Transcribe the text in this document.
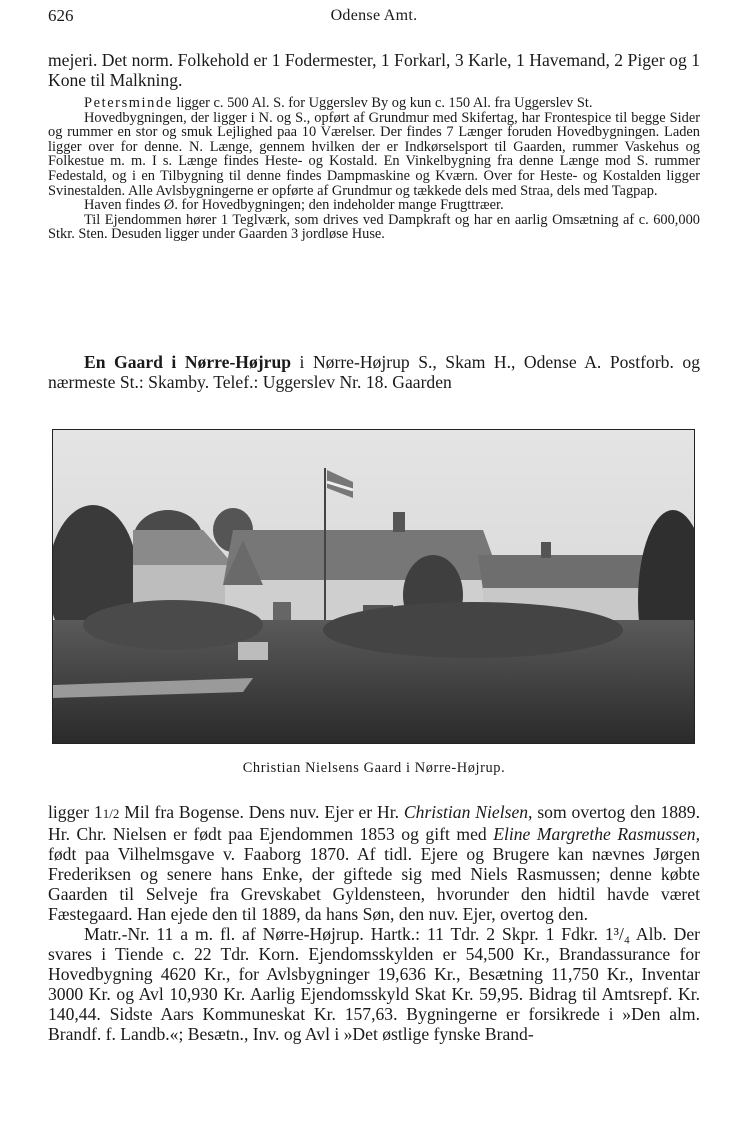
626	Odense Amt.

mejeri. Det norm. Folkehold er 1 Fodermester, 1 Forkarl, 3 Karle, 1 Havemand, 2 Piger og 1 Kone til Malkning.

Petersminde ligger c. 500 Al. S. for Uggerslev By og kun c. 150 Al. fra Uggerslev St.

Hovedbygningen, der ligger i N. og S., opført af Grundmur med Skifertag, har Frontespice til begge Sider og rummer en stor og smuk Lejlighed paa 10 Værelser. Der findes 7 Længer foruden Hovedbygningen. Laden ligger over for denne. N. Længe, gennem hvilken der er Indkørselsport til Gaarden, rummer Vaskehus og Folkestue m. m. I s. Længe findes Heste- og Kostald. En Vinkelbygning fra denne Længe mod S. rummer Fedestald, og i en Tilbygning til denne findes Dampmaskine og Kværn. Over for Heste- og Kostalden ligger Svinestalden. Alle Avlsbygningerne er opførte af Grundmur og tækkede dels med Straa, dels med Tagpap.

Haven findes Ø. for Hovedbygningen; den indeholder mange Frugttræer.

Til Ejendommen hører 1 Teglværk, som drives ved Dampkraft og har en aarlig Omsætning af c. 600,000 Stkr. Sten. Desuden ligger under Gaarden 3 jordløse Huse.

En Gaard i Nørre-Højrup i Nørre-Højrup S., Skam H., Odense A. Postforb. og nærmeste St.: Skamby. Telef.: Uggerslev Nr. 18. Gaarden

Christian Nielsens Gaard i Nørre-Højrup.

ligger 11/2 Mil fra Bogense. Dens nuv. Ejer er Hr. Christian Nielsen, som overtog den 1889. Hr. Chr. Nielsen er født paa Ejendommen 1853 og gift med Eline Margrethe Rasmussen, født paa Vilhelmsgave v. Faaborg 1870. Af tidl. Ejere og Brugere kan nævnes Jørgen Frederiksen og senere hans Enke, der giftede sig med Niels Rasmussen; denne købte Gaarden til Selveje fra Grevskabet Gyldensteen, hvorunder den hidtil havde været Fæstegaard. Han ejede den til 1889, da hans Søn, den nuv. Ejer, overtog den.

Matr.-Nr. 11 a m. fl. af Nørre-Højrup. Hartk.: 11 Tdr. 2 Skpr. 1 Fdkr. 1³/₄ Alb. Der svares i Tiende c. 22 Tdr. Korn. Ejendomsskylden er 54,500 Kr., Brandassurance for Hovedbygning 4620 Kr., for Avlsbygninger 19,636 Kr., Besætning 11,750 Kr., Inventar 3000 Kr. og Avl 10,930 Kr. Aarlig Ejendomsskyld Skat Kr. 59,95. Bidrag til Amtsrepf. Kr. 140,44. Sidste Aars Kommuneskat Kr. 157,63. Bygningerne er forsikrede i »Den alm. Brandf. f. Landb.«; Besætn., Inv. og Avl i »Det østlige fynske Brand-
